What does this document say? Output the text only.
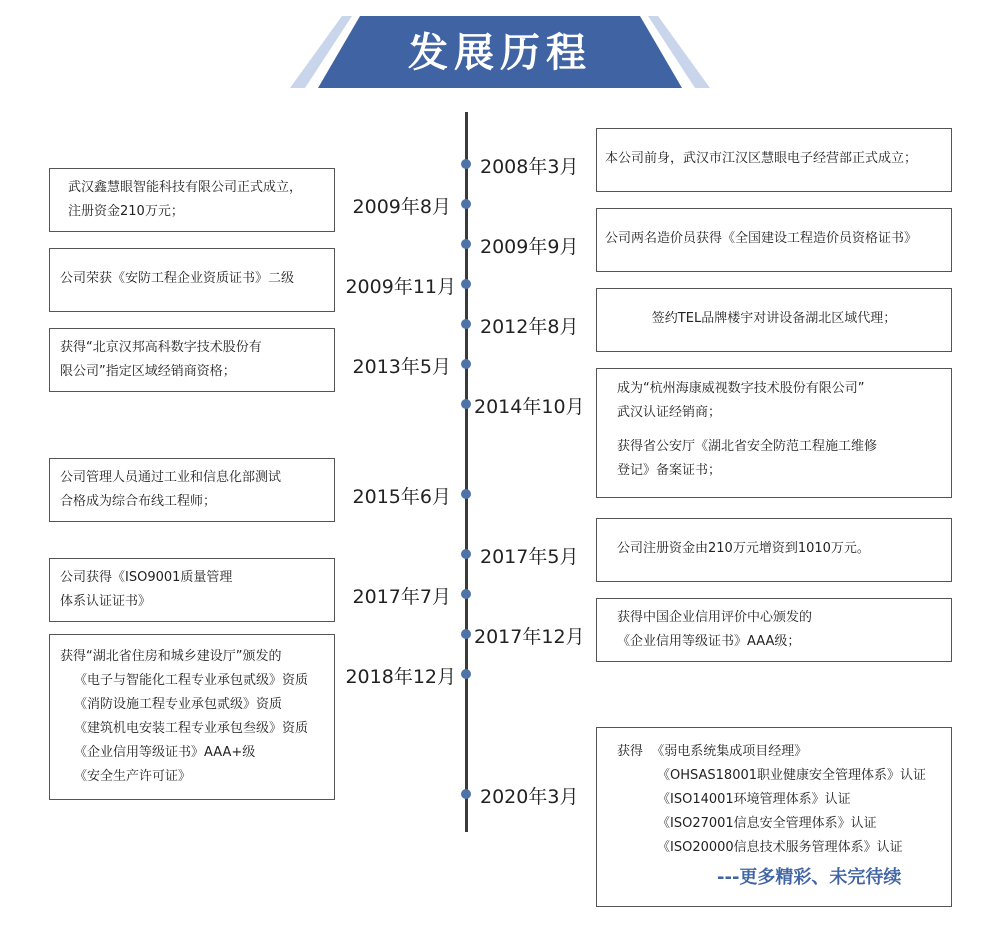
发展历程
2008年3月
2009年9月
2012年8月
2014年10月
2017年5月
2017年12月
2020年3月
2009年8月
2009年11月
2013年5月
2015年6月
2017年7月
2018年12月

本公司前身，武汉市江汉区慧眼电子经营部正式成立；

公司两名造价员获得《全国建设工程造价员资格证书》

签约TEL品牌楼宇对讲设备湖北区域代理；

成为“杭州海康威视数字技术股份有限公司”

武汉认证经销商；

获得省公安厅《湖北省安全防范工程施工维修

登记》备案证书；

公司注册资金由210万元增资到1010万元。

获得中国企业信用评价中心颁发的

《企业信用等级证书》AAA级；

获得  《弱电系统集成项目经理》

《OHSAS18001职业健康安全管理体系》认证

《ISO14001环境管理体系》认证

《ISO27001信息安全管理体系》认证

《ISO20000信息技术服务管理体系》认证

---更多精彩、未完待续

武汉鑫慧眼智能科技有限公司正式成立，

注册资金210万元；

公司荣获《安防工程企业资质证书》二级

获得“北京汉邦高科数字技术股份有

限公司”指定区域经销商资格；

公司管理人员通过工业和信息化部测试

合格成为综合布线工程师；

公司获得《ISO9001质量管理

体系认证证书》

获得“湖北省住房和城乡建设厅”颁发的

《电子与智能化工程专业承包贰级》资质

《消防设施工程专业承包贰级》资质

《建筑机电安装工程专业承包叁级》资质

《企业信用等级证书》AAA+级

《安全生产许可证》
